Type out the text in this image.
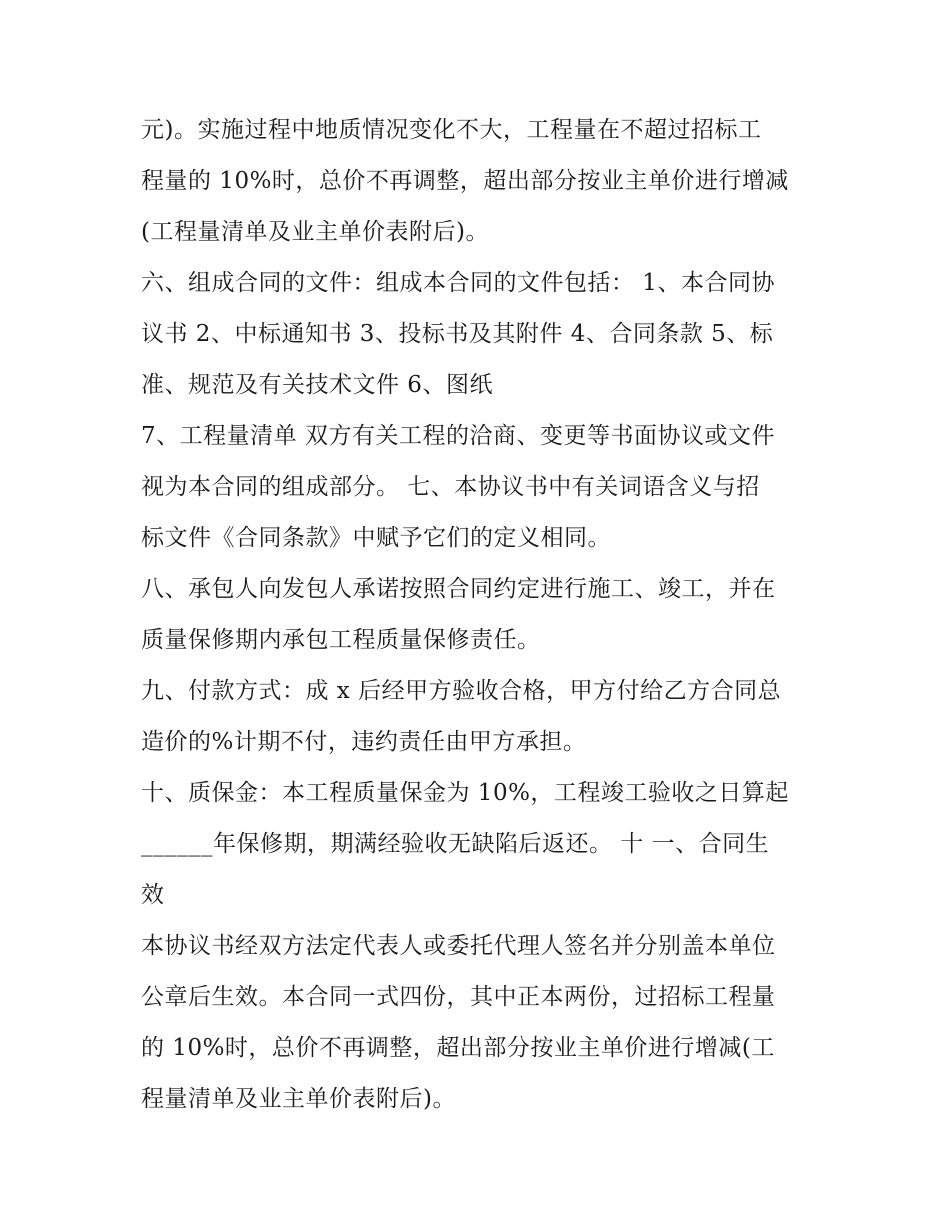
元)。实施过程中地质情况变化不大，工程量在不超过招标工
程量的 10%时，总价不再调整，超出部分按业主单价进行增减
(工程量清单及业主单价表附后)。
六、组成合同的文件：组成本合同的文件包括： 1、本合同协
议书 2、中标通知书 3、投标书及其附件 4、合同条款 5、标
准、规范及有关技术文件 6、图纸
7、工程量清单 双方有关工程的洽商、变更等书面协议或文件
视为本合同的组成部分。 七、本协议书中有关词语含义与招
标文件《合同条款》中赋予它们的定义相同。
八、承包人向发包人承诺按照合同约定进行施工、竣工，并在
质量保修期内承包工程质量保修责任。
九、付款方式：成 x 后经甲方验收合格，甲方付给乙方合同总
造价的%计期不付，违约责任由甲方承担。
十、质保金：本工程质量保金为 10%，工程竣工验收之日算起
______年保修期，期满经验收无缺陷后返还。 十 一、合同生
效
本协议书经双方法定代表人或委托代理人签名并分别盖本单位
公章后生效。本合同一式四份，其中正本两份，过招标工程量
的 10%时，总价不再调整，超出部分按业主单价进行增减(工
程量清单及业主单价表附后)。
